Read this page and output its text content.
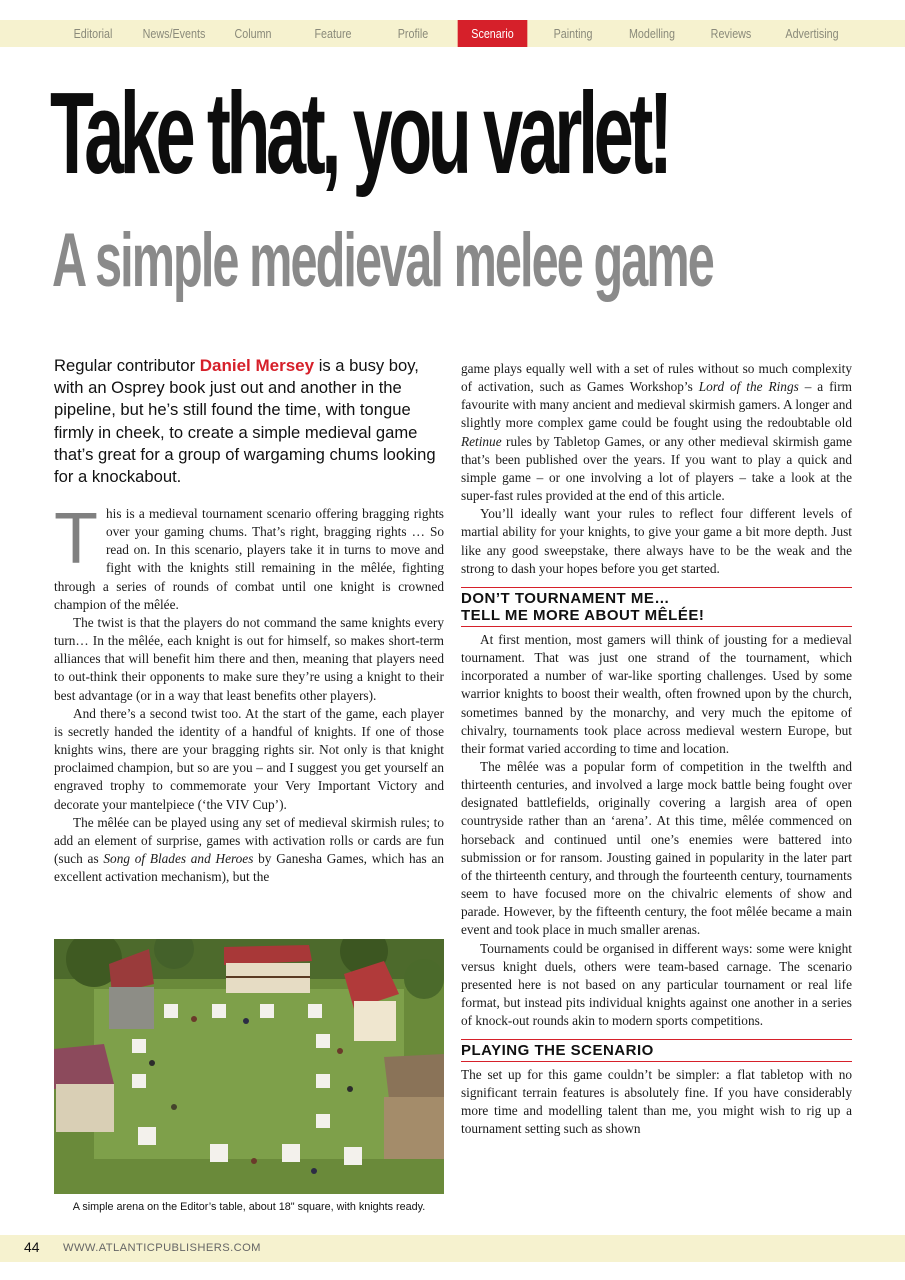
Editorial	News/Events	Column	Feature	Profile	Scenario	Painting	Modelling	Reviews	Advertising
Take that, you varlet!
A simple medieval melee game

Regular contributor Daniel Mersey is a busy boy, with an Osprey book just out and another in the pipeline, but he’s still found the time, with tongue firmly in cheek, to create a simple medieval game that’s great for a group of wargaming chums looking for a knockabout.

This is a medieval tournament scenario offering bragging rights over your gaming chums. That’s right, bragging rights … So read on. In this scenario, players take it in turns to move and fight with the knights still remaining in the mêlée, fighting through a series of rounds of combat until one knight is crowned champion of the mêlée.

The twist is that the players do not command the same knights every turn… In the mêlée, each knight is out for himself, so makes short-term alliances that will benefit him there and then, meaning that players need to out-think their opponents to make sure they’re using a knight to their best advantage (or in a way that least benefits other players).

And there’s a second twist too. At the start of the game, each player is secretly handed the identity of a handful of knights. If one of those knights wins, there are your bragging rights sir. Not only is that knight proclaimed champion, but so are you – and I suggest you get yourself an engraved trophy to commemorate your Very Important Victory and decorate your mantelpiece (‘the VIV Cup’).

The mêlée can be played using any set of medieval skirmish rules; to add an element of surprise, games with activation rolls or cards are fun (such as Song of Blades and Heroes by Ganesha Games, which has an excellent activation mechanism), but the

A simple arena on the Editor’s table, about 18" square, with knights ready.

game plays equally well with a set of rules without so much complexity of activation, such as Games Workshop’s Lord of the Rings – a firm favourite with many ancient and medieval skirmish gamers. A longer and slightly more complex game could be fought using the redoubtable old Retinue rules by Tabletop Games, or any other medieval skirmish game that’s been published over the years. If you want to play a quick and simple game – or one involving a lot of players – take a look at the super-fast rules provided at the end of this article.

You’ll ideally want your rules to reflect four different levels of martial ability for your knights, to give your game a bit more depth. Just like any good sweepstake, there always have to be the weak and the strong to dash your hopes before you get started.

DON’T TOURNAMENT ME…
TELL ME MORE ABOUT MÊLÉE!

At first mention, most gamers will think of jousting for a medieval tournament. That was just one strand of the tournament, which incorporated a number of war-like sporting challenges. Used by some warrior knights to boost their wealth, often frowned upon by the church, sometimes banned by the monarchy, and very much the epitome of chivalry, tournaments took place across medieval western Europe, but their format varied according to time and location.

The mêlée was a popular form of competition in the twelfth and thirteenth centuries, and involved a large mock battle being fought over designated battlefields, originally covering a largish area of open countryside rather than an ‘arena’. At this time, mêlée commenced on horseback and continued until one’s enemies were battered into submission or for ransom. Jousting gained in popularity in the later part of the thirteenth century, and through the fourteenth century, tournaments seem to have focused more on the chivalric elements of show and parade. However, by the fifteenth century, the foot mêlée became a main event and took place in much smaller arenas.

Tournaments could be organised in different ways: some were knight versus knight duels, others were team-based carnage. The scenario presented here is not based on any particular tournament or real life format, but instead pits individual knights against one another in a series of knock-out rounds akin to modern sports competitions.

PLAYING THE SCENARIO

The set up for this game couldn’t be simpler: a flat tabletop with no significant terrain features is absolutely fine. If you have considerably more time and modelling talent than me, you might wish to rig up a tournament setting such as shown

44 WWW.ATLANTICPUBLISHERS.COM
